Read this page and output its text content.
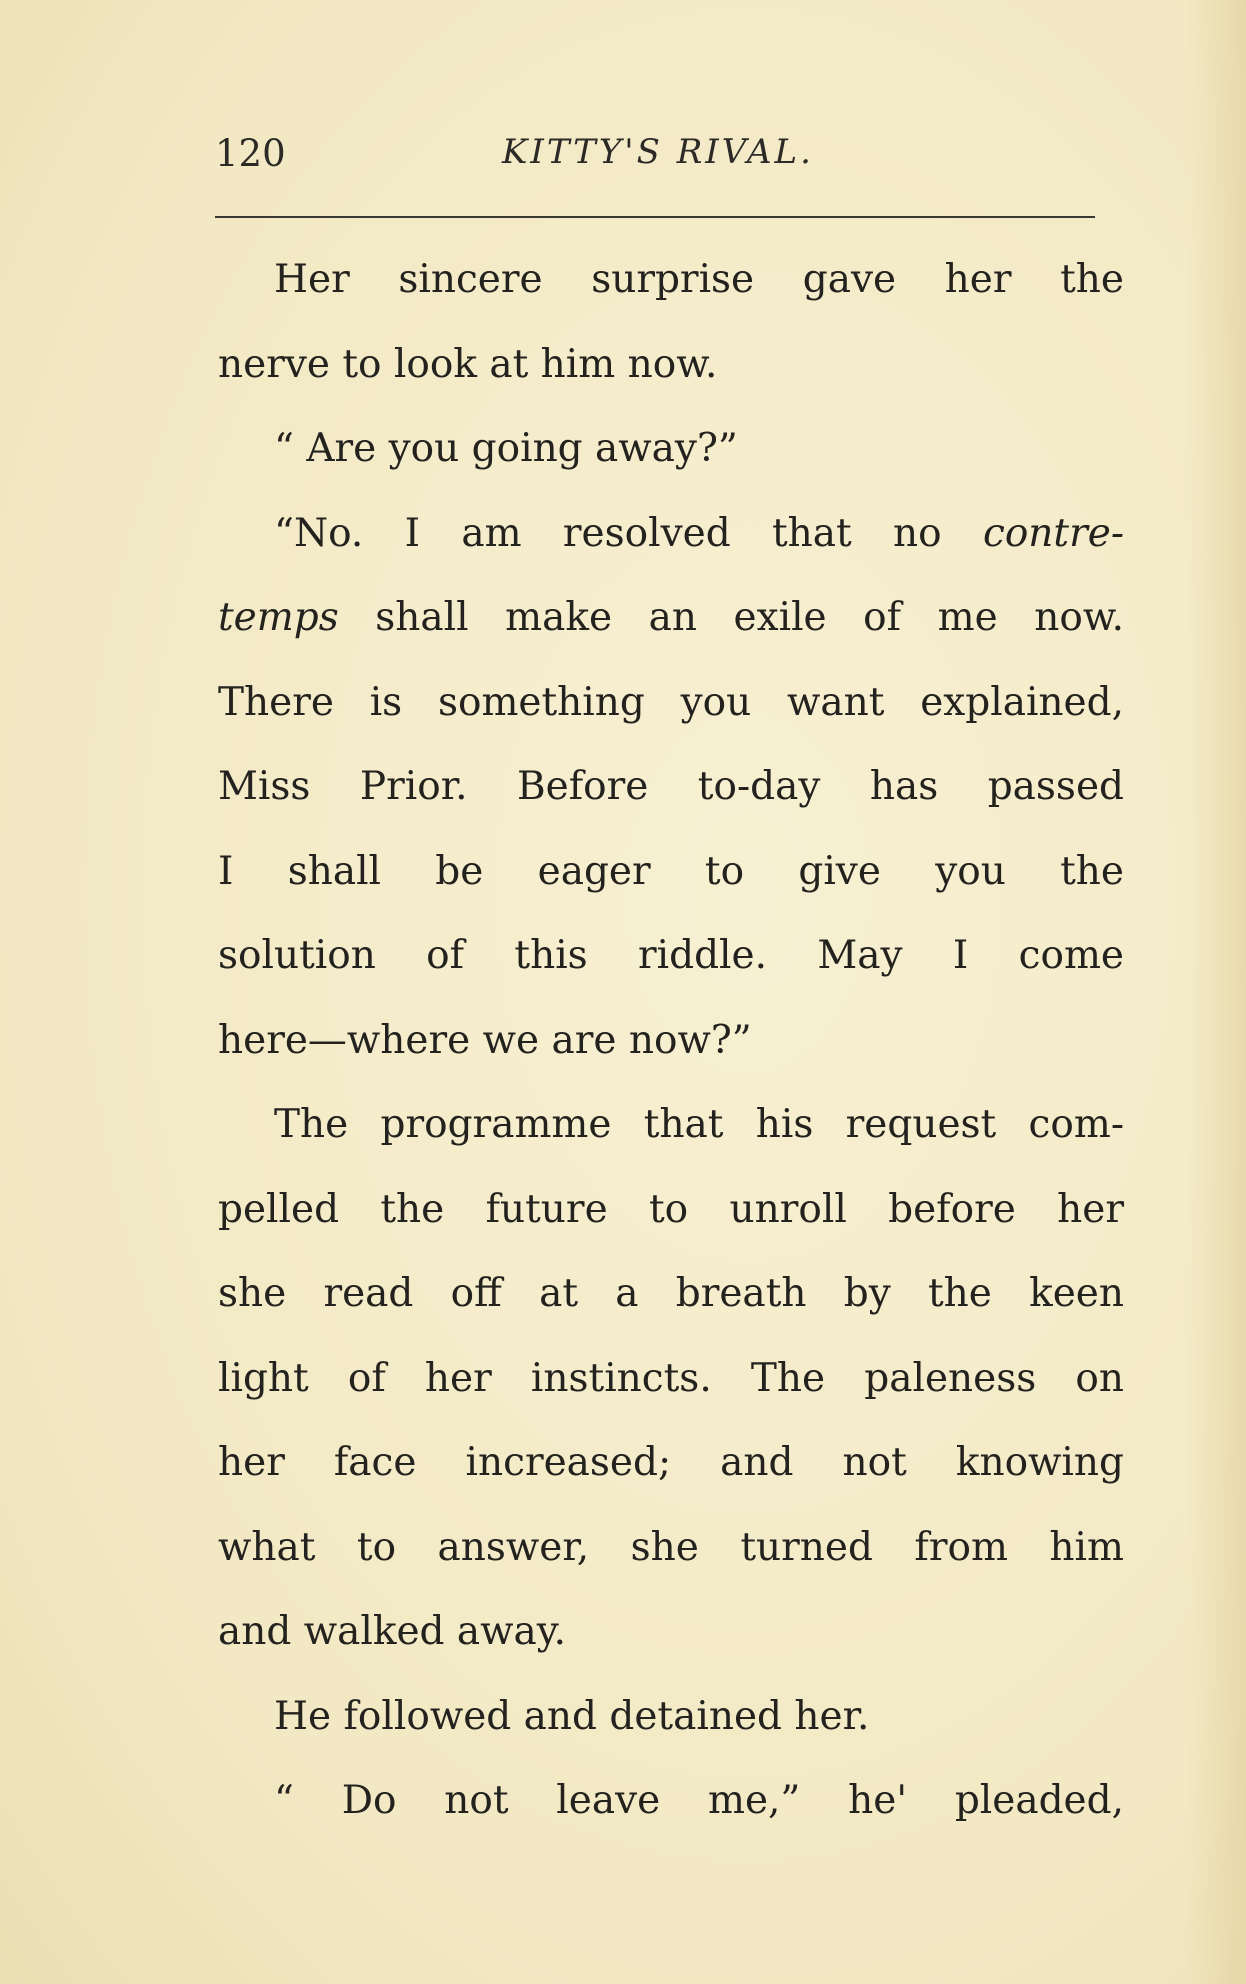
120	KITTY'S RIVAL.
Her sincere surprise gave her the
nerve to look at him now.
“ Are you going away?”
“No. I am resolved that no contre-
temps shall make an exile of me now.
There is something you want explained,
Miss Prior. Before to-day has passed
I shall be eager to give you the
solution of this riddle. May I come
here—where we are now?”
The programme that his request com-
pelled the future to unroll before her
she read off at a breath by the keen
light of her instincts. The paleness on
her face increased; and not knowing
what to answer, she turned from him
and walked away.
He followed and detained her.
“ Do not leave me,” he' pleaded,
